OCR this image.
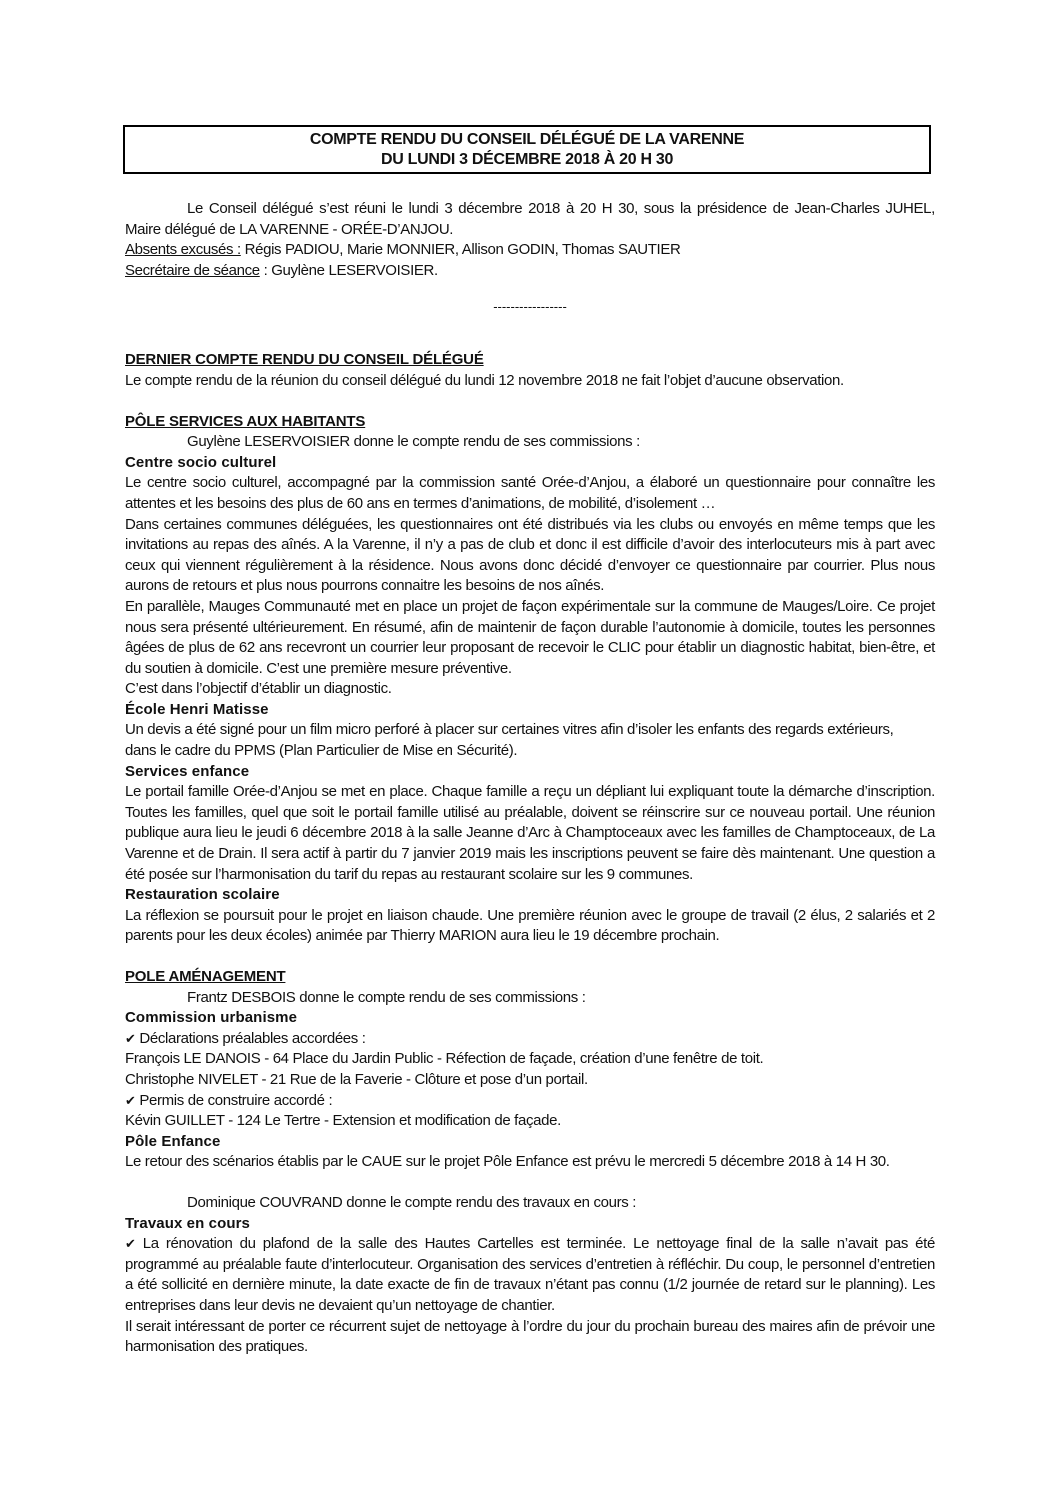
COMPTE RENDU DU CONSEIL DÉLÉGUÉ DE LA VARENNE
DU LUNDI 3 DÉCEMBRE 2018 À 20 H 30

Le Conseil délégué s’est réuni le lundi 3 décembre 2018 à 20 H 30, sous la présidence de Jean-Charles JUHEL, Maire délégué de LA VARENNE - ORÉE-D’ANJOU.

Absents excusés : Régis PADIOU, Marie MONNIER, Allison GODIN, Thomas SAUTIER

Secrétaire de séance : Guylène LESERVOISIER.

-----------------

DERNIER COMPTE RENDU DU CONSEIL DÉLÉGUÉ

Le compte rendu de la réunion du conseil délégué du lundi 12 novembre 2018 ne fait l’objet d’aucune observation.

PÔLE SERVICES AUX HABITANTS

Guylène LESERVOISIER donne le compte rendu de ses commissions :

Centre socio culturel

Le centre socio culturel, accompagné par la commission santé Orée-d’Anjou, a élaboré un questionnaire pour connaître les attentes et les besoins des plus de 60 ans en termes d’animations, de mobilité, d’isolement …

Dans certaines communes déléguées, les questionnaires ont été distribués via les clubs ou envoyés en même temps que les invitations au repas des aînés. A la Varenne, il n’y a pas de club et donc il est difficile d’avoir des interlocuteurs mis à part avec ceux qui viennent régulièrement à la résidence. Nous avons donc décidé d’envoyer ce questionnaire par courrier. Plus nous aurons de retours et plus nous pourrons connaitre les besoins de nos aînés.

En parallèle, Mauges Communauté met en place un projet de façon expérimentale sur la commune de Mauges/Loire. Ce projet nous sera présenté ultérieurement. En résumé, afin de maintenir de façon durable l’autonomie à domicile, toutes les personnes âgées de plus de 62 ans recevront un courrier leur proposant de recevoir le CLIC pour établir un diagnostic habitat, bien-être, et du soutien à domicile. C’est une première mesure préventive.

C’est dans l’objectif d’établir un diagnostic.

École Henri Matisse

Un devis a été signé pour un film micro perforé à placer sur certaines vitres afin d’isoler les enfants des regards extérieurs,

dans le cadre du PPMS (Plan Particulier de Mise en Sécurité).

Services enfance

Le portail famille Orée-d’Anjou se met en place. Chaque famille a reçu un dépliant lui expliquant toute la démarche d’inscription. Toutes les familles, quel que soit le portail famille utilisé au préalable, doivent se réinscrire sur ce nouveau portail. Une réunion publique aura lieu le jeudi 6 décembre 2018 à la salle Jeanne d’Arc à Champtoceaux avec les familles de Champtoceaux, de La Varenne et de Drain. Il sera actif à partir du 7 janvier 2019 mais les inscriptions peuvent se faire dès maintenant. Une question a été posée sur l’harmonisation du tarif du repas au restaurant scolaire sur les 9 communes.

Restauration scolaire

La réflexion se poursuit pour le projet en liaison chaude. Une première réunion avec le groupe de travail (2 élus, 2 salariés et 2 parents pour les deux écoles) animée par Thierry MARION aura lieu le 19 décembre prochain.

POLE AMÉNAGEMENT

Frantz DESBOIS donne le compte rendu de ses commissions :

Commission urbanisme

✔ Déclarations préalables accordées :

François LE DANOIS - 64 Place du Jardin Public - Réfection de façade, création d’une fenêtre de toit.

Christophe NIVELET - 21 Rue de la Faverie - Clôture et pose d’un portail.

✔ Permis de construire accordé :

Kévin GUILLET - 124 Le Tertre - Extension et modification de façade.

Pôle Enfance

Le retour des scénarios établis par le CAUE sur le projet Pôle Enfance est prévu le mercredi 5 décembre 2018 à 14 H 30.

Dominique COUVRAND donne le compte rendu des travaux en cours :

Travaux en cours

✔ La rénovation du plafond de la salle des Hautes Cartelles est terminée. Le nettoyage final de la salle n’avait pas été programmé au préalable faute d’interlocuteur. Organisation des services d’entretien à réfléchir. Du coup, le personnel d’entretien a été sollicité en dernière minute, la date exacte de fin de travaux n’étant pas connu (1/2 journée de retard sur le planning). Les entreprises dans leur devis ne devaient qu’un nettoyage de chantier.

Il serait intéressant de porter ce récurrent sujet de nettoyage à l’ordre du jour du prochain bureau des maires afin de prévoir une harmonisation des pratiques.
